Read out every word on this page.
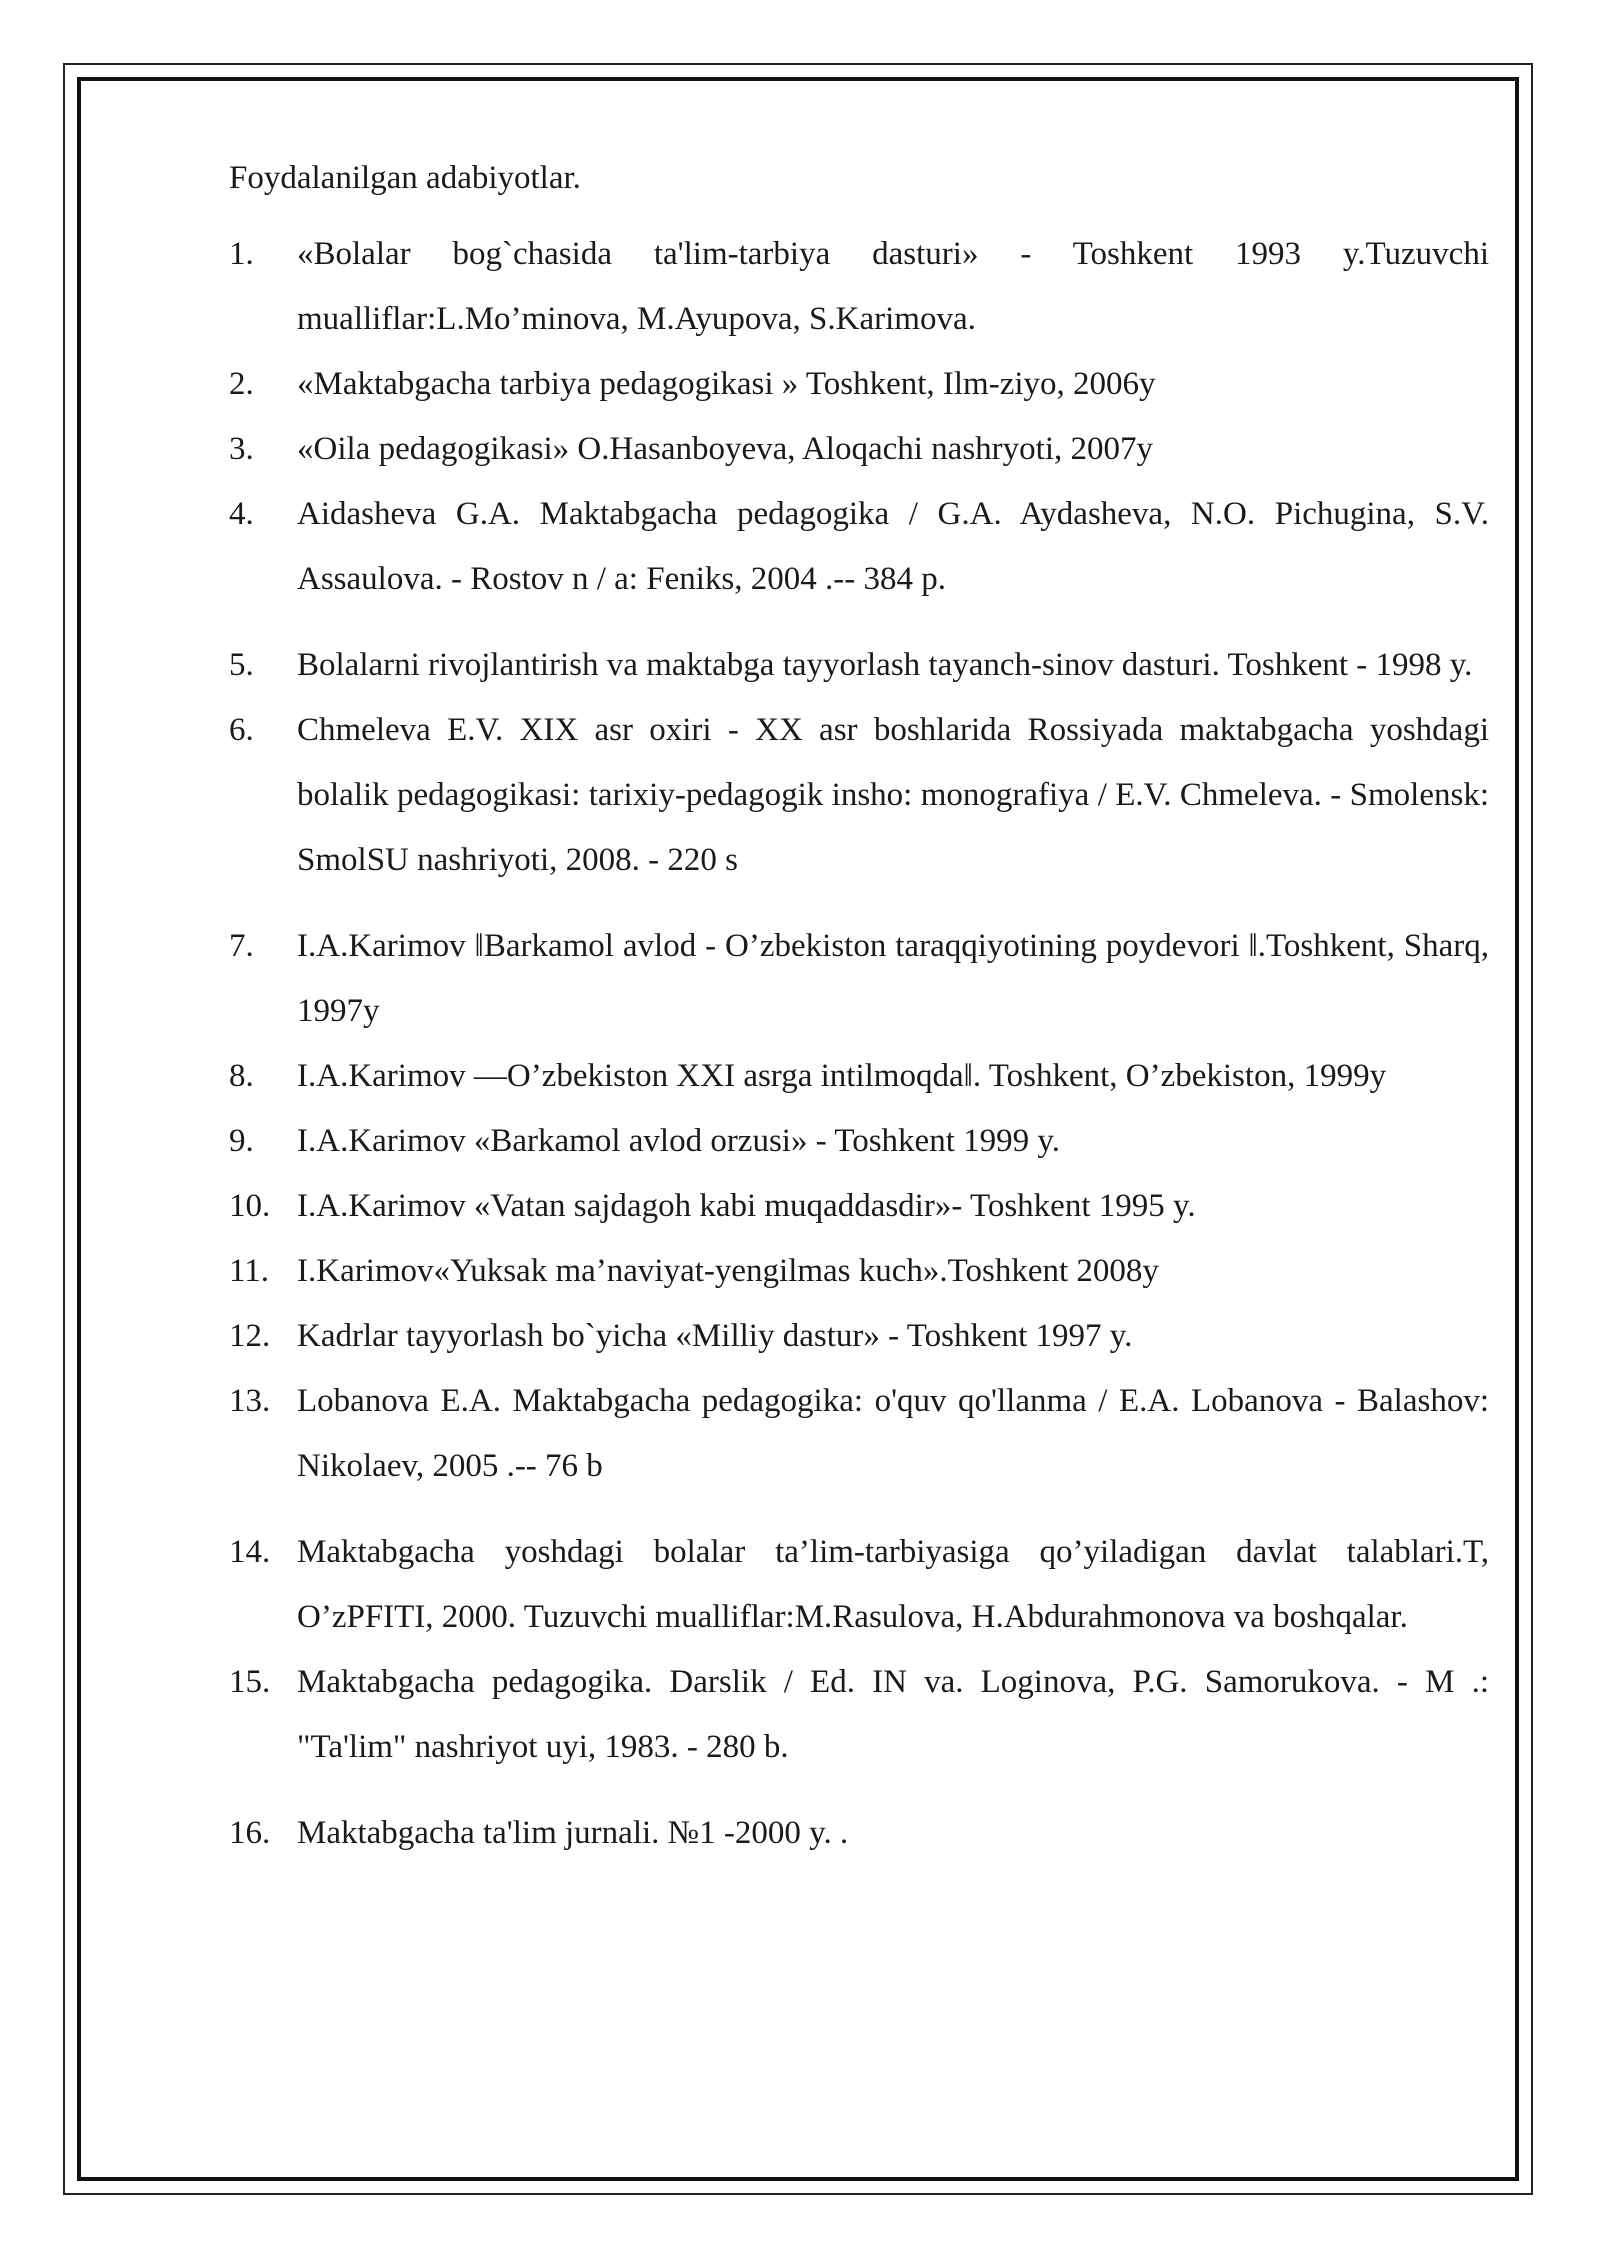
Foydalanilgan adabiyotlar.
1. «Bolalar bog`chasida ta'lim-tarbiya dasturi» - Toshkent 1993 y.Tuzuvchi mualliflar:L.Mo’minova, M.Ayupova, S.Karimova.
2. «Maktabgacha tarbiya pedagogikasi » Toshkent, Ilm-ziyo, 2006y
3. «Oila pedagogikasi» O.Hasanboyeva, Aloqachi nashryoti, 2007y
4. Aidasheva G.A. Maktabgacha pedagogika / G.A. Aydasheva, N.O. Pichugina, S.V. Assaulova. - Rostov n / a: Feniks, 2004 .-- 384 p.
5. Bolalarni rivojlantirish va maktabga tayyorlash tayanch-sinov dasturi. Toshkent - 1998 y.
6. Chmeleva E.V. XIX asr oxiri - XX asr boshlarida Rossiyada maktabgacha yoshdagi bolalik pedagogikasi: tarixiy-pedagogik insho: monografiya / E.V. Chmeleva. - Smolensk: SmolSU nashriyoti, 2008. - 220 s
7. I.A.Karimov ‖Barkamol avlod - O’zbekiston taraqqiyotining poydevori ‖.Toshkent, Sharq, 1997y
8. I.A.Karimov ―O’zbekiston XXI asrga intilmoqda‖. Toshkent, O’zbekiston, 1999y
9. I.A.Karimov «Barkamol avlod orzusi» - Toshkent 1999 y.
10. I.A.Karimov «Vatan sajdagoh kabi muqaddasdir»- Toshkent 1995 y.
11. I.Karimov«Yuksak ma’naviyat-yengilmas kuch».Toshkent 2008y
12. Kadrlar tayyorlash bo`yicha «Milliy dastur» - Toshkent 1997 y.
13. Lobanova E.A. Maktabgacha pedagogika: o'quv qo'llanma / E.A. Lobanova - Balashov: Nikolaev, 2005 .-- 76 b
14. Maktabgacha yoshdagi bolalar ta’lim-tarbiyasiga qo’yiladigan davlat talablari.T, O’zPFITI, 2000. Tuzuvchi mualliflar:M.Rasulova, H.Abdurahmonova va boshqalar.
15. Maktabgacha pedagogika. Darslik / Ed. IN va. Loginova, P.G. Samorukova. - M .: "Ta'lim" nashriyot uyi, 1983. - 280 b.
16. Maktabgacha ta'lim jurnali. №1 -2000 y. .
